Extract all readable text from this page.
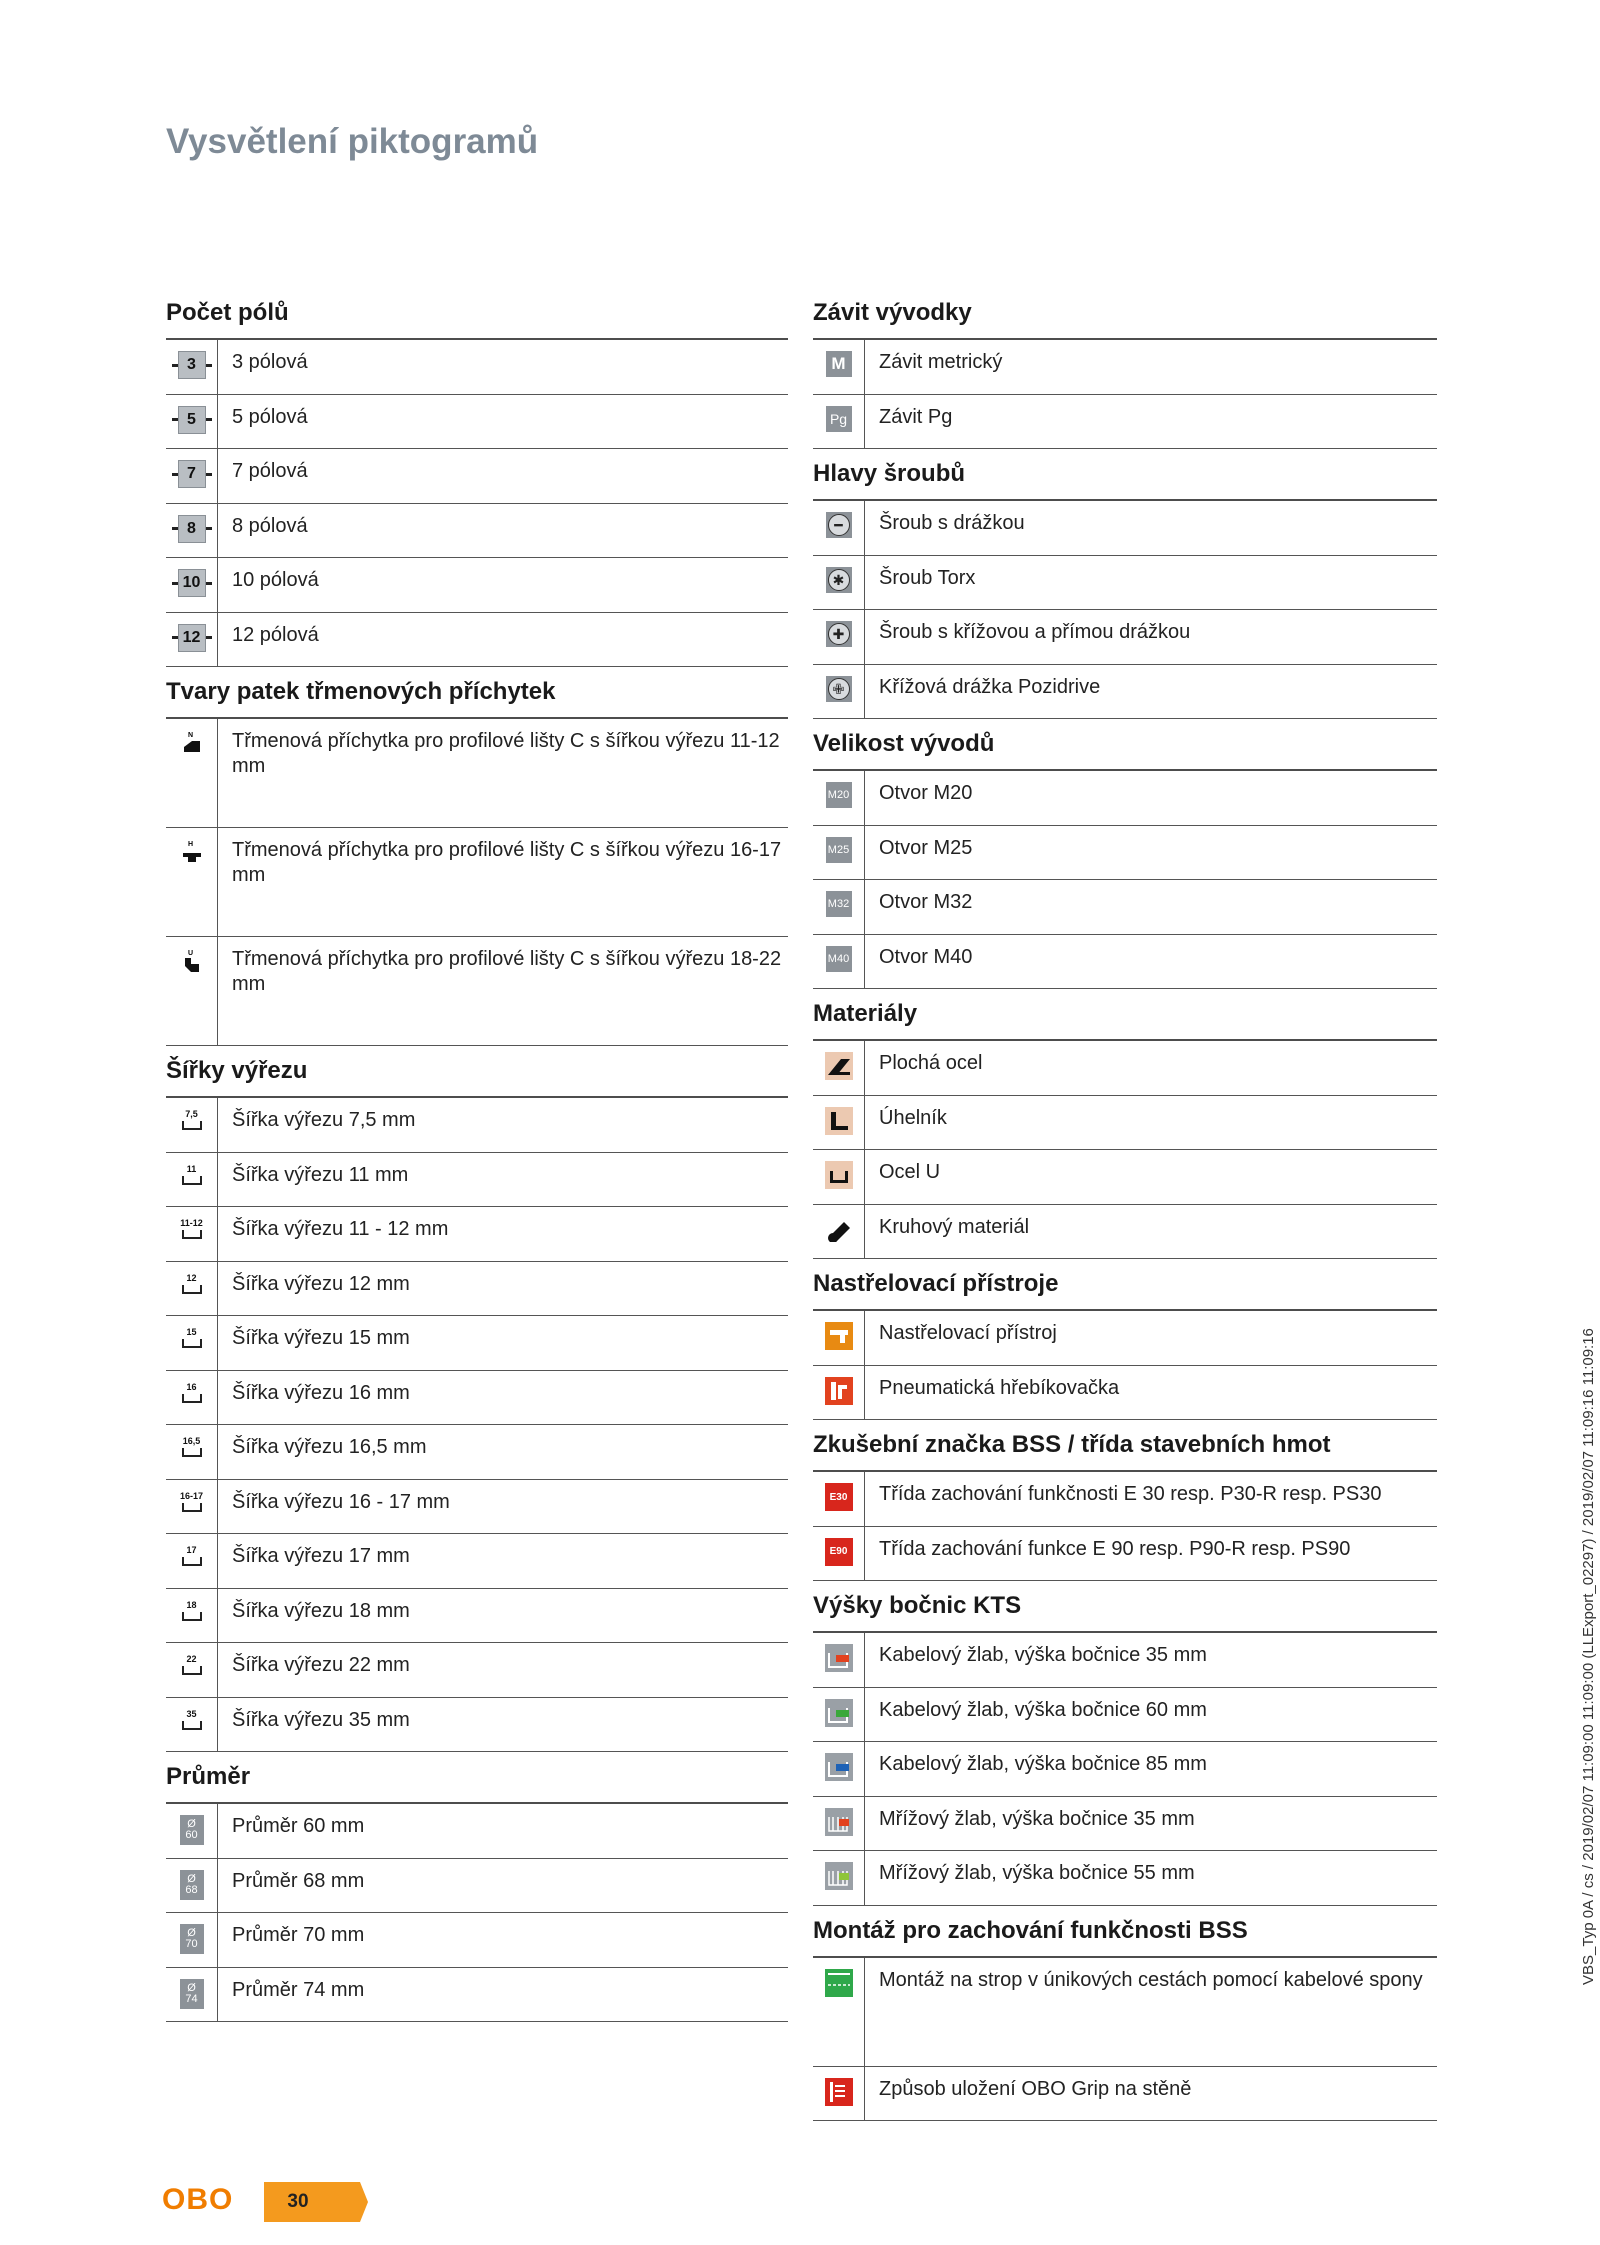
Vysvětlení piktogramů
Počet pólů
3	3 pólová
5	5 pólová
7	7 pólová
8	8 pólová
10	10 pólová
12	12 pólová
Tvary patek třmenových příchytek
N	Třmenová příchytka pro profilové lišty C s šířkou výřezu 11-12 mm
H	Třmenová příchytka pro profilové lišty C s šířkou výřezu 16-17 mm
U	Třmenová příchytka pro profilové lišty C s šířkou výřezu 18-22 mm
Šířky výřezu
7,5	Šířka výřezu 7,5 mm
11	Šířka výřezu 11 mm
11-12	Šířka výřezu 11 - 12 mm
12	Šířka výřezu 12 mm
15	Šířka výřezu 15 mm
16	Šířka výřezu 16 mm
16,5	Šířka výřezu 16,5 mm
16-17	Šířka výřezu 16 - 17 mm
17	Šířka výřezu 17 mm
18	Šířka výřezu 18 mm
22	Šířka výřezu 22 mm
35	Šířka výřezu 35 mm
Průměr
Ø
60	Průměr 60 mm
Ø
68	Průměr 68 mm
Ø
70	Průměr 70 mm
Ø
74	Průměr 74 mm
Závit vývodky
M	Závit metrický
Pg	Závit Pg
Hlavy šroubů
━	Šroub s drážkou
✱	Šroub Torx
✚	Šroub s křížovou a přímou drážkou
✙	Křížová drážka Pozidrive
Velikost vývodů
M20	Otvor M20
M25	Otvor M25
M32	Otvor M32
M40	Otvor M40
Materiály
Plochá ocel
Úhelník
Ocel U
Kruhový materiál
Nastřelovací přístroje
Nastřelovací přístroj
Pneumatická hřebíkovačka
Zkušební značka BSS / třída stavebních hmot
E30	Třída zachování funkčnosti E 30 resp. P30-R resp. PS30
E90	Třída zachování funkce E 90 resp. P90-R resp. PS90
Výšky bočnic KTS
Kabelový žlab, výška bočnice 35 mm
Kabelový žlab, výška bočnice 60 mm
Kabelový žlab, výška bočnice 85 mm
Mřížový žlab, výška bočnice 35 mm
Mřížový žlab, výška bočnice 55 mm
Montáž pro zachování funkčnosti BSS
Montáž na strop v únikových cestách pomocí kabelové spony
Způsob uložení OBO Grip na stěně
OBO	30
VBS_Typ 0A / cs / 2019/02/07 11:09:00 11:09:00 (LLExport_02297) / 2019/02/07 11:09:16 11:09:16
